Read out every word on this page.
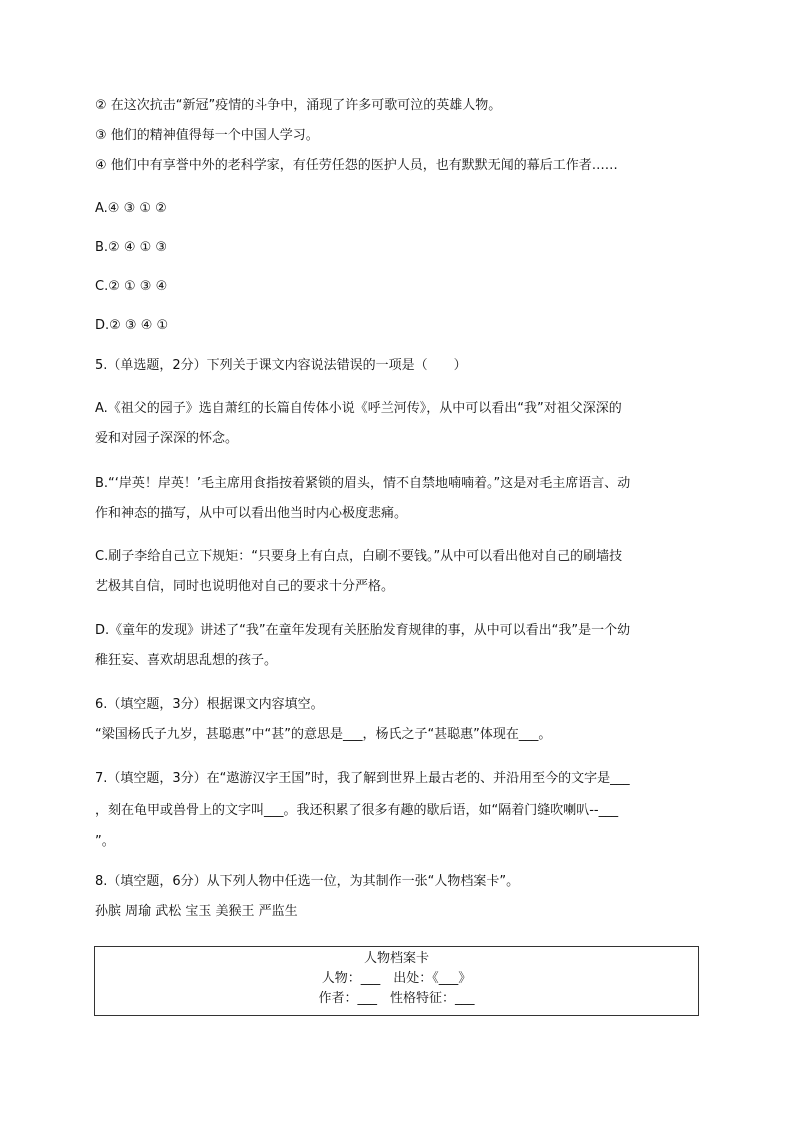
② 在这次抗击“新冠”疫情的斗争中，涌现了许多可歌可泣的英雄人物。
③ 他们的精神值得每一个中国人学习。
④ 他们中有享誉中外的老科学家，有任劳任怨的医护人员，也有默默无闻的幕后工作者……
A.④ ③ ① ②
B.② ④ ① ③
C.② ① ③ ④
D.② ③ ④ ①
5.（单选题，2分）下列关于课文内容说法错误的一项是（　　）
A.《祖父的园子》选自萧红的长篇自传体小说《呼兰河传》，从中可以看出“我”对祖父深深的
爱和对园子深深的怀念。
B.“‘岸英！岸英！’毛主席用食指按着紧锁的眉头，情不自禁地喃喃着。”这是对毛主席语言、动
作和神态的描写，从中可以看出他当时内心极度悲痛。
C.刷子李给自己立下规矩：“只要身上有白点，白刷不要钱。”从中可以看出他对自己的刷墙技
艺极其自信，同时也说明他对自己的要求十分严格。
D.《童年的发现》讲述了“我”在童年发现有关胚胎发育规律的事，从中可以看出“我”是一个幼
稚狂妄、喜欢胡思乱想的孩子。
6.（填空题，3分）根据课文内容填空。
“梁国杨氏子九岁，甚聪惠”中“甚”的意思是___，杨氏之子“甚聪惠”体现在___。
7.（填空题，3分）在“遨游汉字王国”时，我了解到世界上最古老的、并沿用至今的文字是___
，刻在龟甲或兽骨上的文字叫___。我还积累了很多有趣的歇后语，如“隔着门缝吹喇叭--___
”。
8.（填空题，6分）从下列人物中任选一位，为其制作一张“人物档案卡”。
孙膑 周瑜 武松 宝玉 美猴王 严监生
人物档案卡
人物：___　出处：《___》
作者：___　性格特征：___
